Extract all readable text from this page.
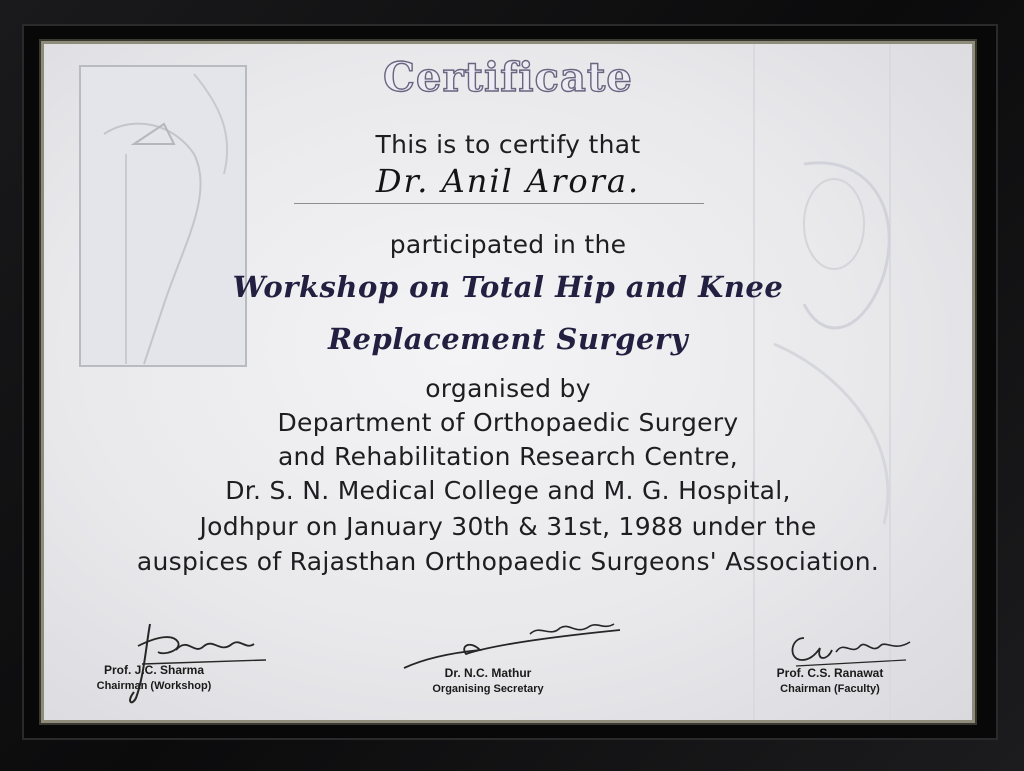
Certificate
This is to certify that
Dr. Anil Arora.
participated in the
Workshop on Total Hip and Knee
Replacement Surgery
organised by
Department of Orthopaedic Surgery
and Rehabilitation Research Centre,
Dr. S. N. Medical College and M. G. Hospital,
Jodhpur on January 30th & 31st, 1988 under the
auspices of Rajasthan Orthopaedic Surgeons' Association.
Prof. J.C. Sharma
Chairman (Workshop)
Dr. N.C. Mathur
Organising Secretary
Prof. C.S. Ranawat
Chairman (Faculty)
